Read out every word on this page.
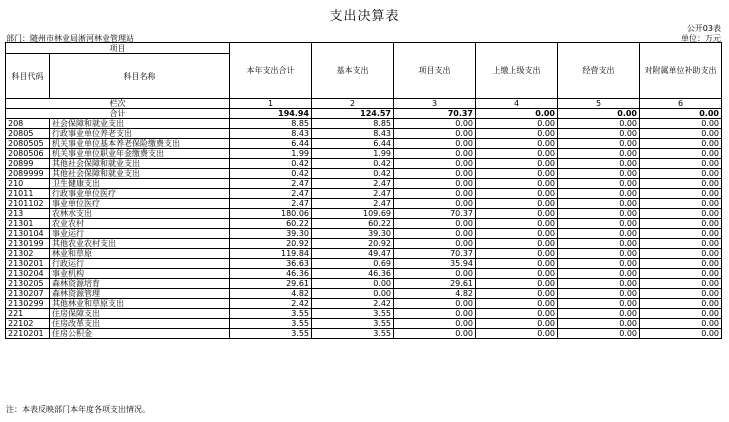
支出决算表
公开03表
部门：随州市林业局淅河林业管理站	单位：万元
项目		本年支出合计	基本支出	项目支出	上缴上级支出	经营支出	对附属单位补助支出
科目代码	科目名称						
栏次		1	2	3	4	5	6
合计		194.94	124.57	70.37	0.00	0.00	0.00
208	社会保障和就业支出	8.85	8.85	0.00	0.00	0.00	0.00
20805	行政事业单位养老支出	8.43	8.43	0.00	0.00	0.00	0.00
2080505	机关事业单位基本养老保险缴费支出	6.44	6.44	0.00	0.00	0.00	0.00
2080506	机关事业单位职业年金缴费支出	1.99	1.99	0.00	0.00	0.00	0.00
20899	其他社会保障和就业支出	0.42	0.42	0.00	0.00	0.00	0.00
2089999	其他社会保障和就业支出	0.42	0.42	0.00	0.00	0.00	0.00
210	卫生健康支出	2.47	2.47	0.00	0.00	0.00	0.00
21011	行政事业单位医疗	2.47	2.47	0.00	0.00	0.00	0.00
2101102	事业单位医疗	2.47	2.47	0.00	0.00	0.00	0.00
213	农林水支出	180.06	109.69	70.37	0.00	0.00	0.00
21301	农业农村	60.22	60.22	0.00	0.00	0.00	0.00
2130104	事业运行	39.30	39.30	0.00	0.00	0.00	0.00
2130199	其他农业农村支出	20.92	20.92	0.00	0.00	0.00	0.00
21302	林业和草原	119.84	49.47	70.37	0.00	0.00	0.00
2130201	行政运行	36.63	0.69	35.94	0.00	0.00	0.00
2130204	事业机构	46.36	46.36	0.00	0.00	0.00	0.00
2130205	森林资源培育	29.61	0.00	29.61	0.00	0.00	0.00
2130207	森林资源管理	4.82	0.00	4.82	0.00	0.00	0.00
2130299	其他林业和草原支出	2.42	2.42	0.00	0.00	0.00	0.00
221	住房保障支出	3.55	3.55	0.00	0.00	0.00	0.00
22102	住房改革支出	3.55	3.55	0.00	0.00	0.00	0.00
2210201	住房公积金	3.55	3.55	0.00	0.00	0.00	0.00
注：本表反映部门本年度各项支出情况。
